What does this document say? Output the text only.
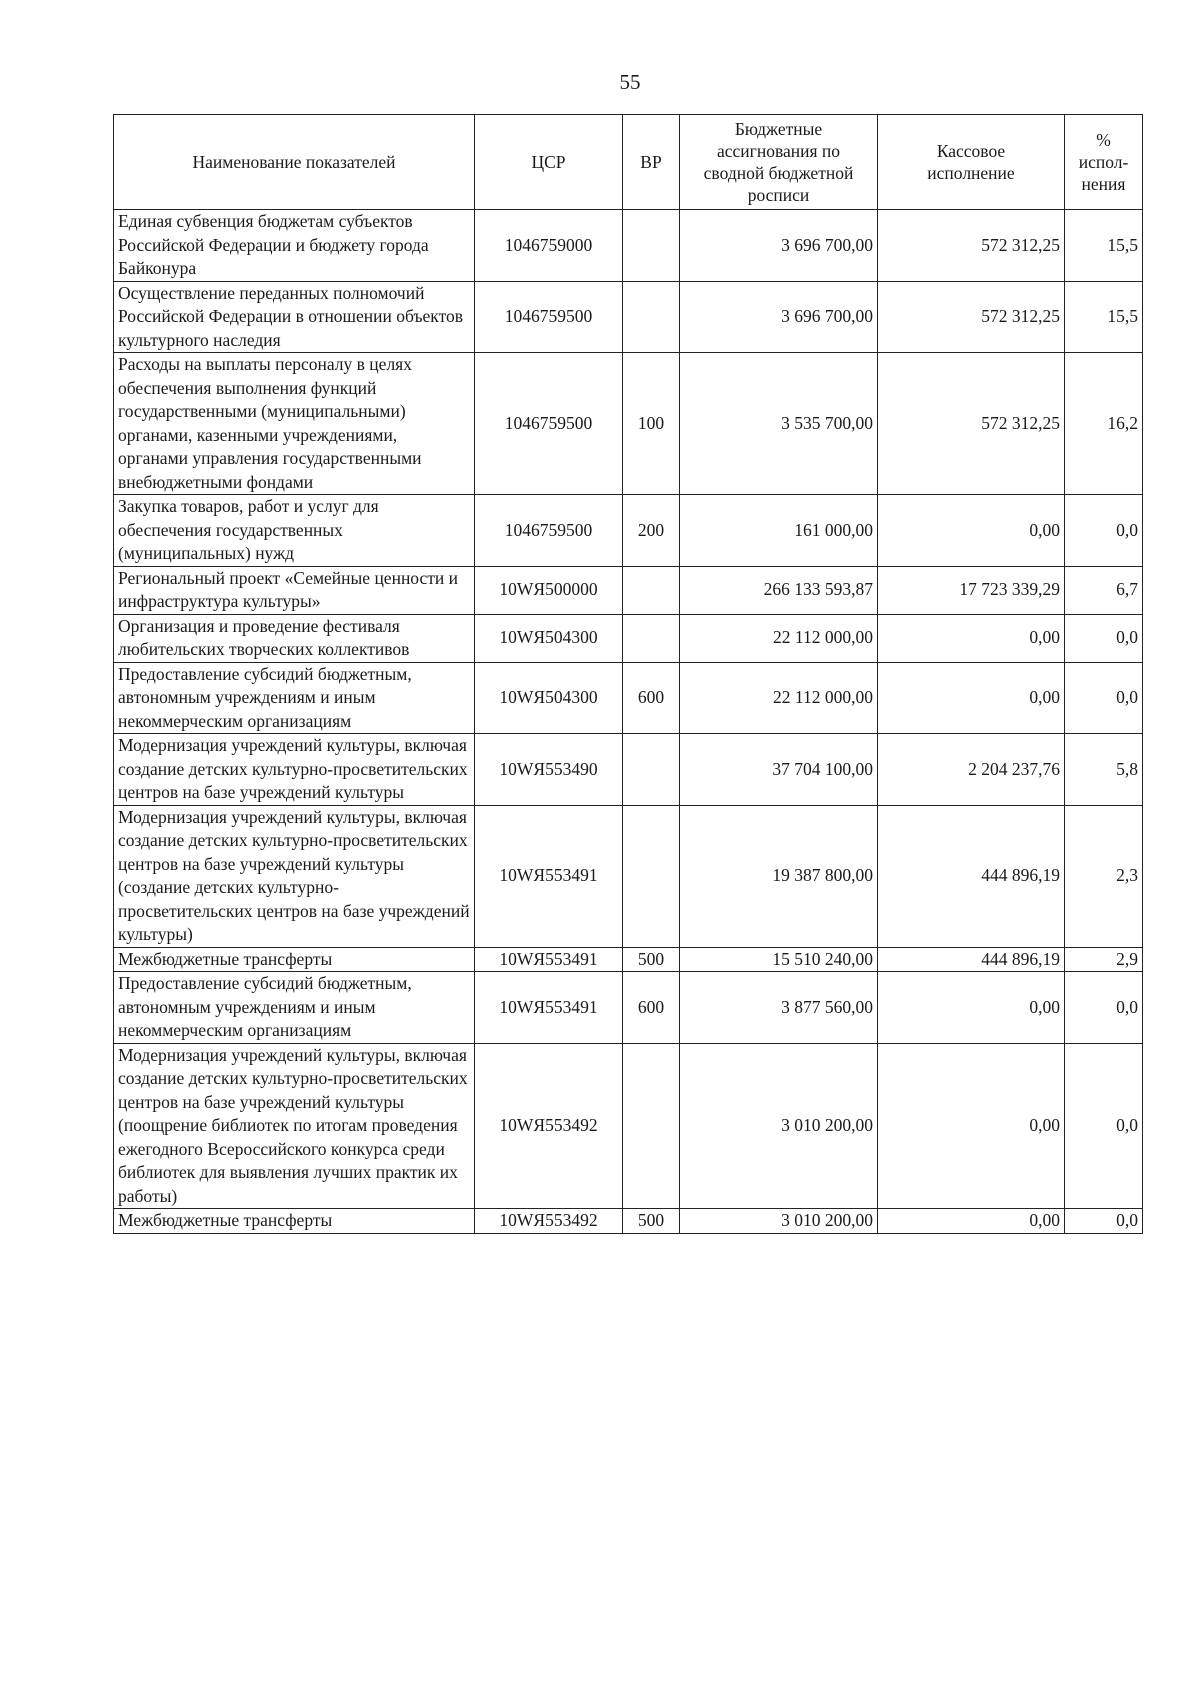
55
Наименование показателей	ЦСР	ВР	Бюджетные ассигнования по сводной бюджетной росписи	Кассовое исполнение	% испол-нения
Единая субвенция бюджетам субъектов Российской Федерации и бюджету города Байконура	1046759000		3 696 700,00	572 312,25	15,5
Осуществление переданных полномочий Российской Федерации в отношении объектов культурного наследия	1046759500		3 696 700,00	572 312,25	15,5
Расходы на выплаты персоналу в целях обеспечения выполнения функций государственными (муниципальными) органами, казенными учреждениями, органами управления государственными внебюджетными фондами	1046759500	100	3 535 700,00	572 312,25	16,2
Закупка товаров, работ и услуг для обеспечения государственных (муниципальных) нужд	1046759500	200	161 000,00	0,00	0,0
Региональный проект «Семейные ценности и инфраструктура культуры»	10WЯ500000		266 133 593,87	17 723 339,29	6,7
Организация и проведение фестиваля любительских творческих коллективов	10WЯ504300		22 112 000,00	0,00	0,0
Предоставление субсидий бюджетным, автономным учреждениям и иным некоммерческим организациям	10WЯ504300	600	22 112 000,00	0,00	0,0
Модернизация учреждений культуры, включая создание детских культурно-просветительских центров на базе учреждений культуры	10WЯ553490		37 704 100,00	2 204 237,76	5,8
Модернизация учреждений культуры, включая создание детских культурно-просветительских центров на базе учреждений культуры (создание детских культурно-просветительских центров на базе учреждений культуры)	10WЯ553491		19 387 800,00	444 896,19	2,3
Межбюджетные трансферты	10WЯ553491	500	15 510 240,00	444 896,19	2,9
Предоставление субсидий бюджетным, автономным учреждениям и иным некоммерческим организациям	10WЯ553491	600	3 877 560,00	0,00	0,0
Модернизация учреждений культуры, включая создание детских культурно-просветительских центров на базе учреждений культуры (поощрение библиотек по итогам проведения ежегодного Всероссийского конкурса среди библиотек для выявления лучших практик их работы)	10WЯ553492		3 010 200,00	0,00	0,0
Межбюджетные трансферты	10WЯ553492	500	3 010 200,00	0,00	0,0
